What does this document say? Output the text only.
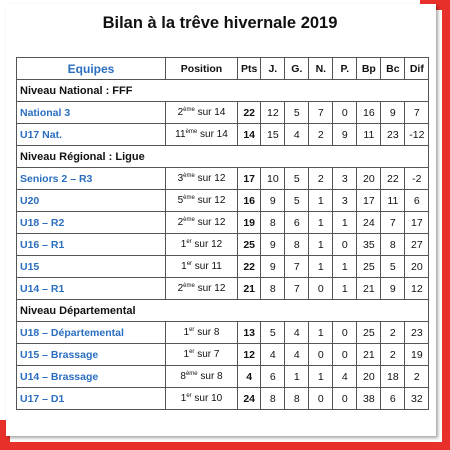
Bilan à la trêve hivernale 2019
Equipes	Position	Pts	J.	G.	N.	P.	Bp	Bc	Dif
Niveau National : FFF									
National 3	2ème sur 14	22	12	5	7	0	16	9	7
U17 Nat.	11ème sur 14	14	15	4	2	9	11	23	-12
Niveau Régional : Ligue									
Seniors 2 – R3	3ème sur 12	17	10	5	2	3	20	22	-2
U20	5ème sur 12	16	9	5	1	3	17	11	6
U18 – R2	2ème sur 12	19	8	6	1	1	24	7	17
U16 – R1	1er sur 12	25	9	8	1	0	35	8	27
U15	1er sur 11	22	9	7	1	1	25	5	20
U14 – R1	2ème sur 12	21	8	7	0	1	21	9	12
Niveau Départemental									
U18 – Départemental	1er sur 8	13	5	4	1	0	25	2	23
U15 – Brassage	1er sur 7	12	4	4	0	0	21	2	19
U14 – Brassage	8ème sur 8	4	6	1	1	4	20	18	2
U17 – D1	1er sur 10	24	8	8	0	0	38	6	32
